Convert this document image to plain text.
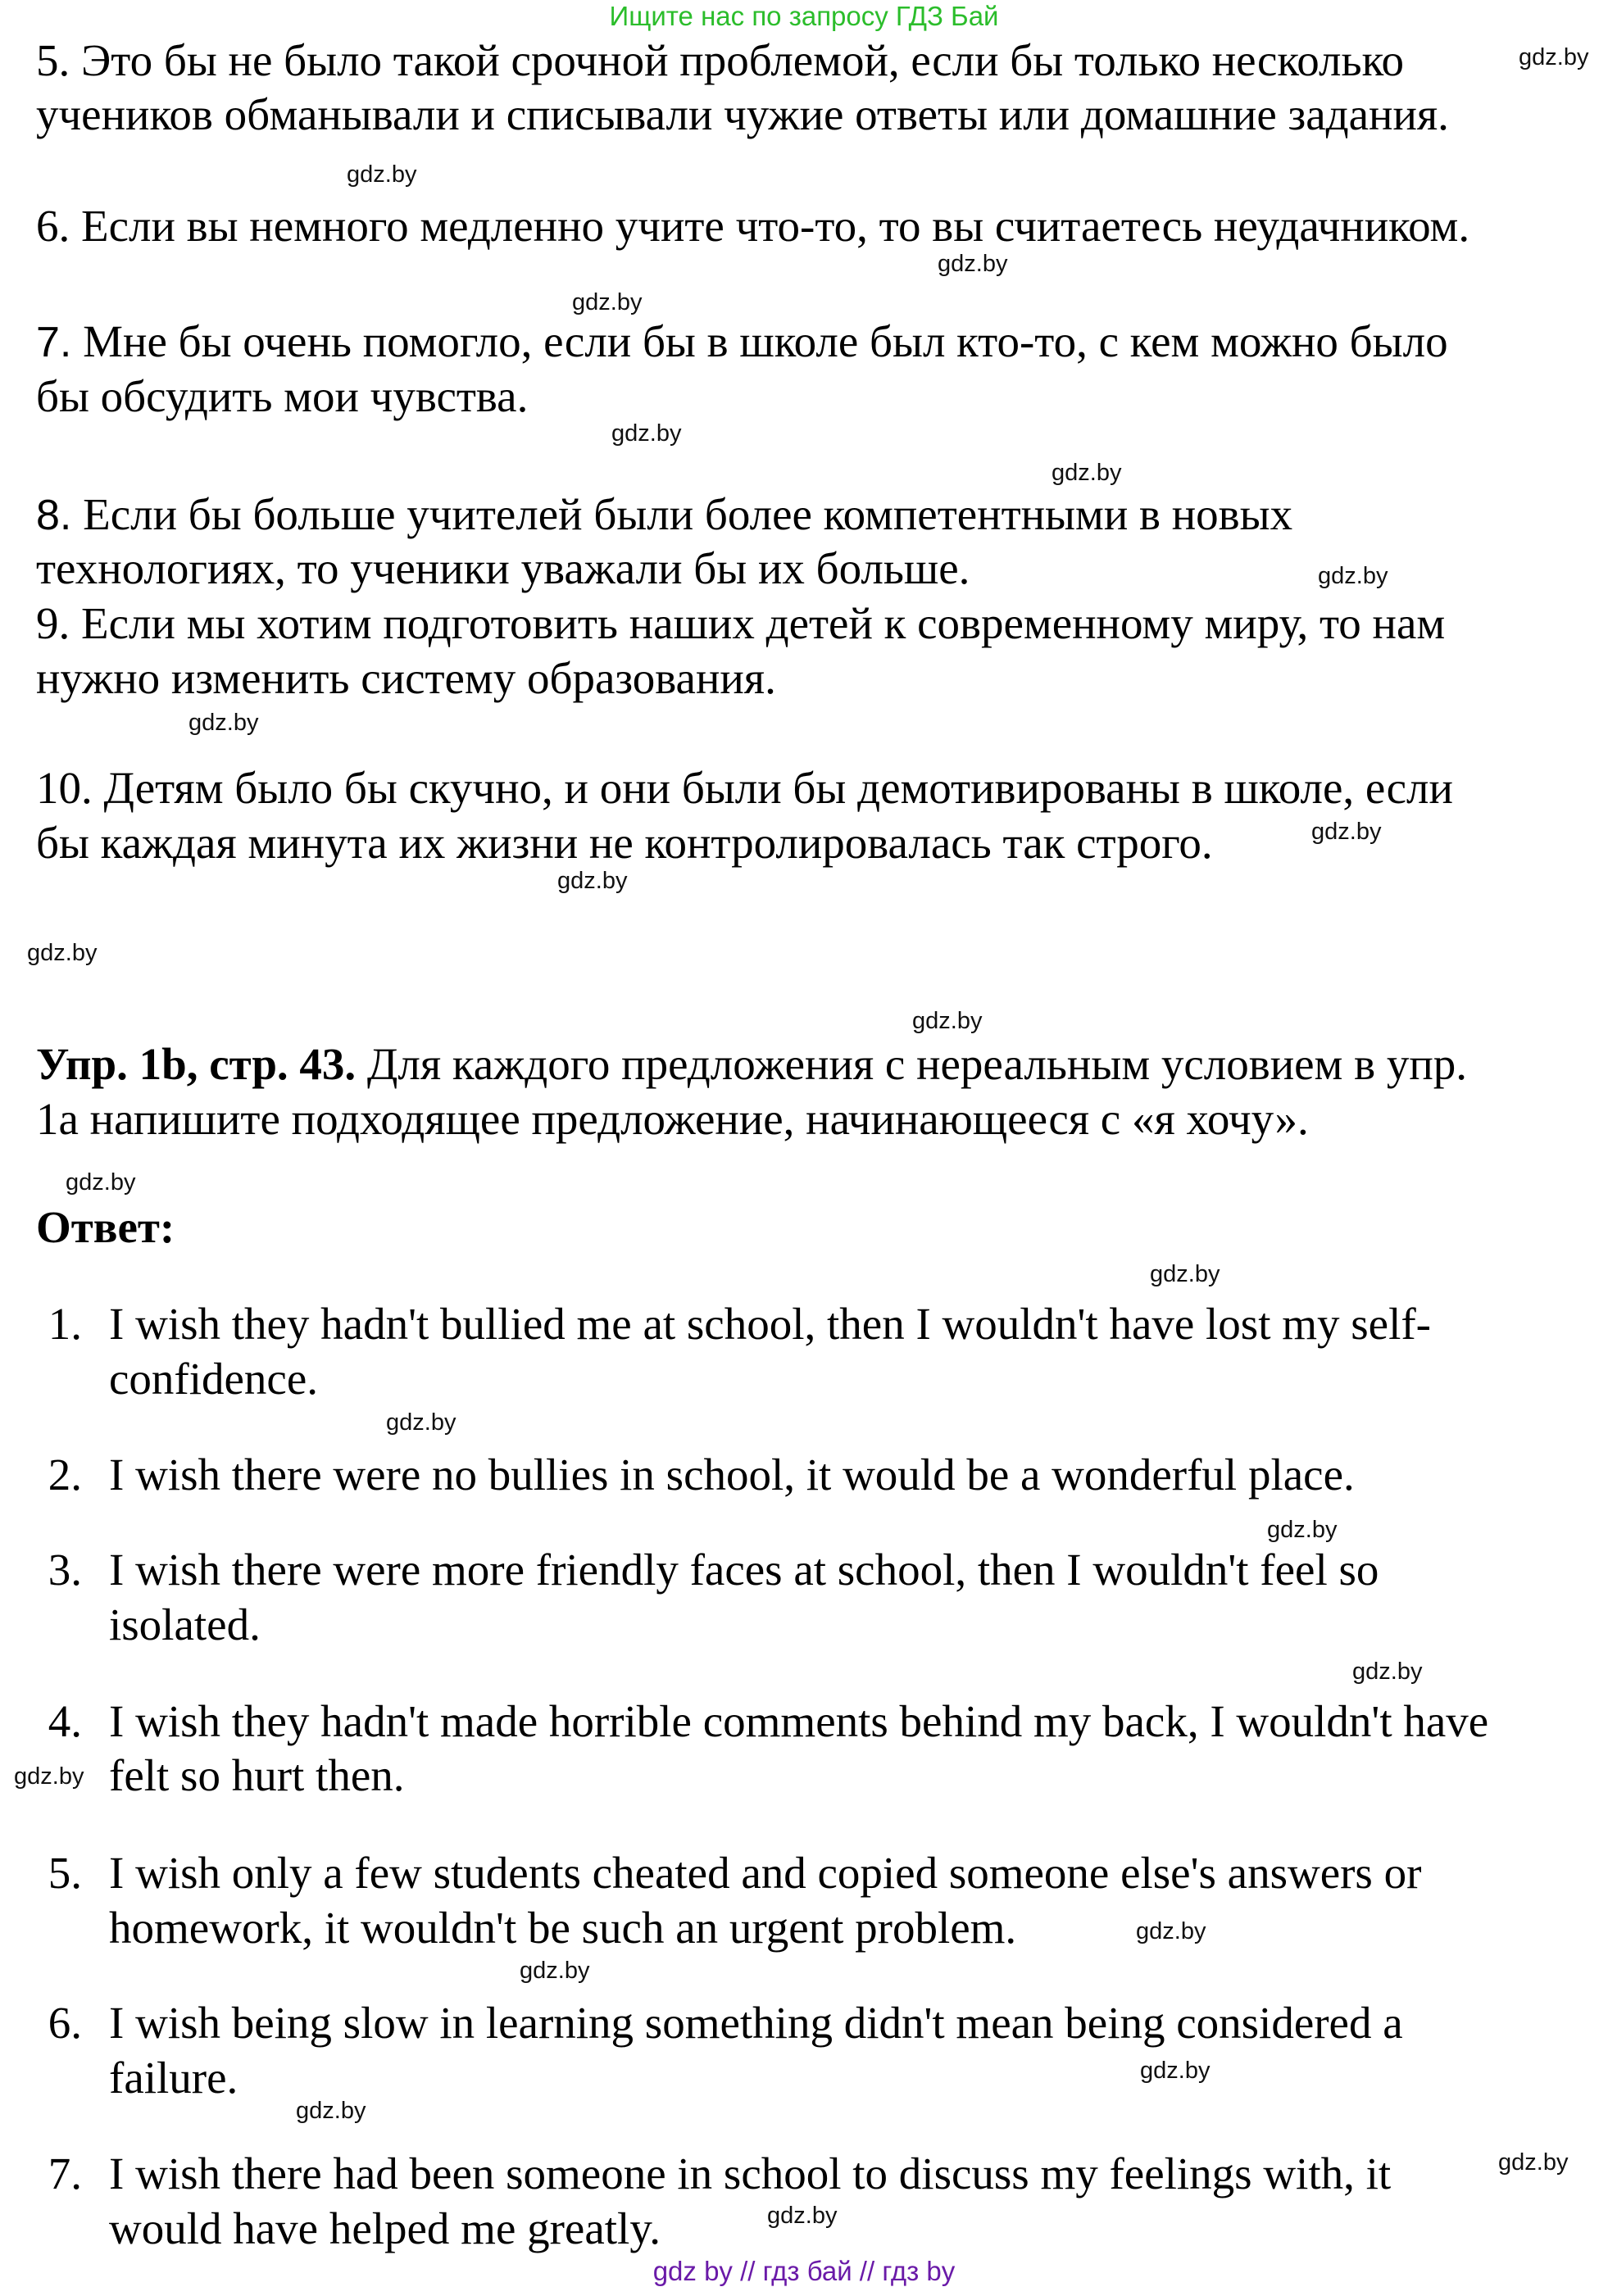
Ищите нас по запросу ГДЗ Бай
5. Это бы не было такой срочной проблемой, если бы только несколько
учеников обманывали и списывали чужие ответы или домашние задания.
6. Если вы немного медленно учите что-то, то вы считаетесь неудачником.
7. Мне бы очень помогло, если бы в школе был кто-то, с кем можно было
бы обсудить мои чувства.
8. Если бы больше учителей были более компетентными в новых
технологиях, то ученики уважали бы их больше.
9. Если мы хотим подготовить наших детей к современному миру, то нам
нужно изменить систему образования.
10. Детям было бы скучно, и они были бы демотивированы в школе, если
бы каждая минута их жизни не контролировалась так строго.
Упр. 1b, стр. 43. Для каждого предложения с нереальным условием в упр.
1а напишите подходящее предложение, начинающееся с «я хочу».
Ответ:
1. I wish they hadn't bullied me at school, then I wouldn't have lost my self-
confidence.
2. I wish there were no bullies in school, it would be a wonderful place.
3. I wish there were more friendly faces at school, then I wouldn't feel so
isolated.
4. I wish they hadn't made horrible comments behind my back, I wouldn't have
felt so hurt then.
5. I wish only a few students cheated and copied someone else's answers or
homework, it wouldn't be such an urgent problem.
6. I wish being slow in learning something didn't mean being considered a
failure.
7. I wish there had been someone in school to discuss my feelings with, it
would have helped me greatly.
gdz.by
gdz.by
gdz.by
gdz.by
gdz.by
gdz.by
gdz.by
gdz.by
gdz.by
gdz.by
gdz.by
gdz.by
gdz.by
gdz.by
gdz.by
gdz.by
gdz.by
gdz.by
gdz.by
gdz.by
gdz.by
gdz.by
gdz.by
gdz.by
gdz by // гдз бай // гдз by
